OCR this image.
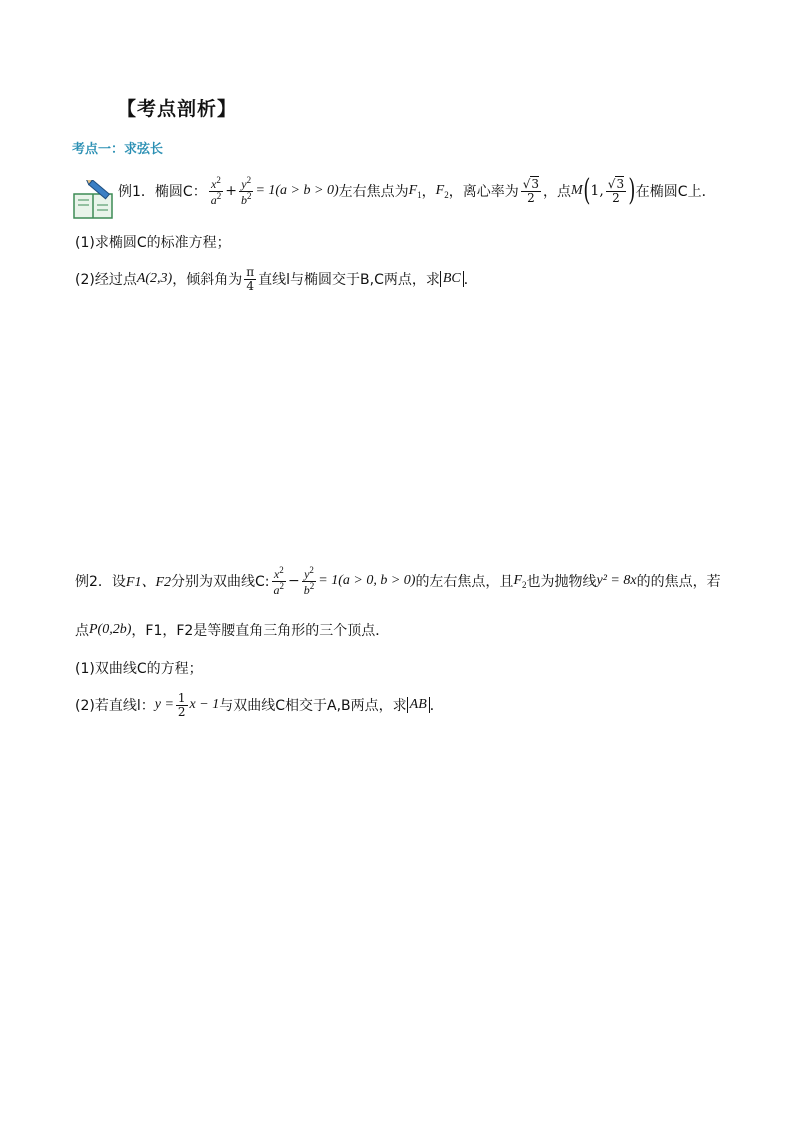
【考点剖析】
考点一：求弦长
例1． 椭圆C： $\frac{x^2}{a^2} + \frac{y^2}{b^2} = 1(a > b > 0)$ 左右焦点为 $F_1$ ， $F_2$ ，离心率为 $\frac{√3}{2}$ ，点 M ( 1, $\frac{√3}{2}$ ) 在椭圆C上．
(1)求椭圆C的标准方程；
(2)经过点 A(2,3) ，倾斜角为 $\frac{\pi}{4}$ 直线l与椭圆交于B,C两点，求 BC ．
例2．设 F1、F2 分别为双曲线C: $\frac{x^2}{a^2} - \frac{y^2}{b^2} = 1(a > 0$, b > 0) 的左右焦点，且 $F_2$ 也为抛物线 y² = 8x 的的焦点，若
点 P(0,2b) ，F1，F2是等腰直角三角形的三个顶点．
(1)双曲线C的方程；
(2)若直线l： $y = \frac{1}{2}$ x − 1 与双曲线C相交于A,B两点，求 AB ．
